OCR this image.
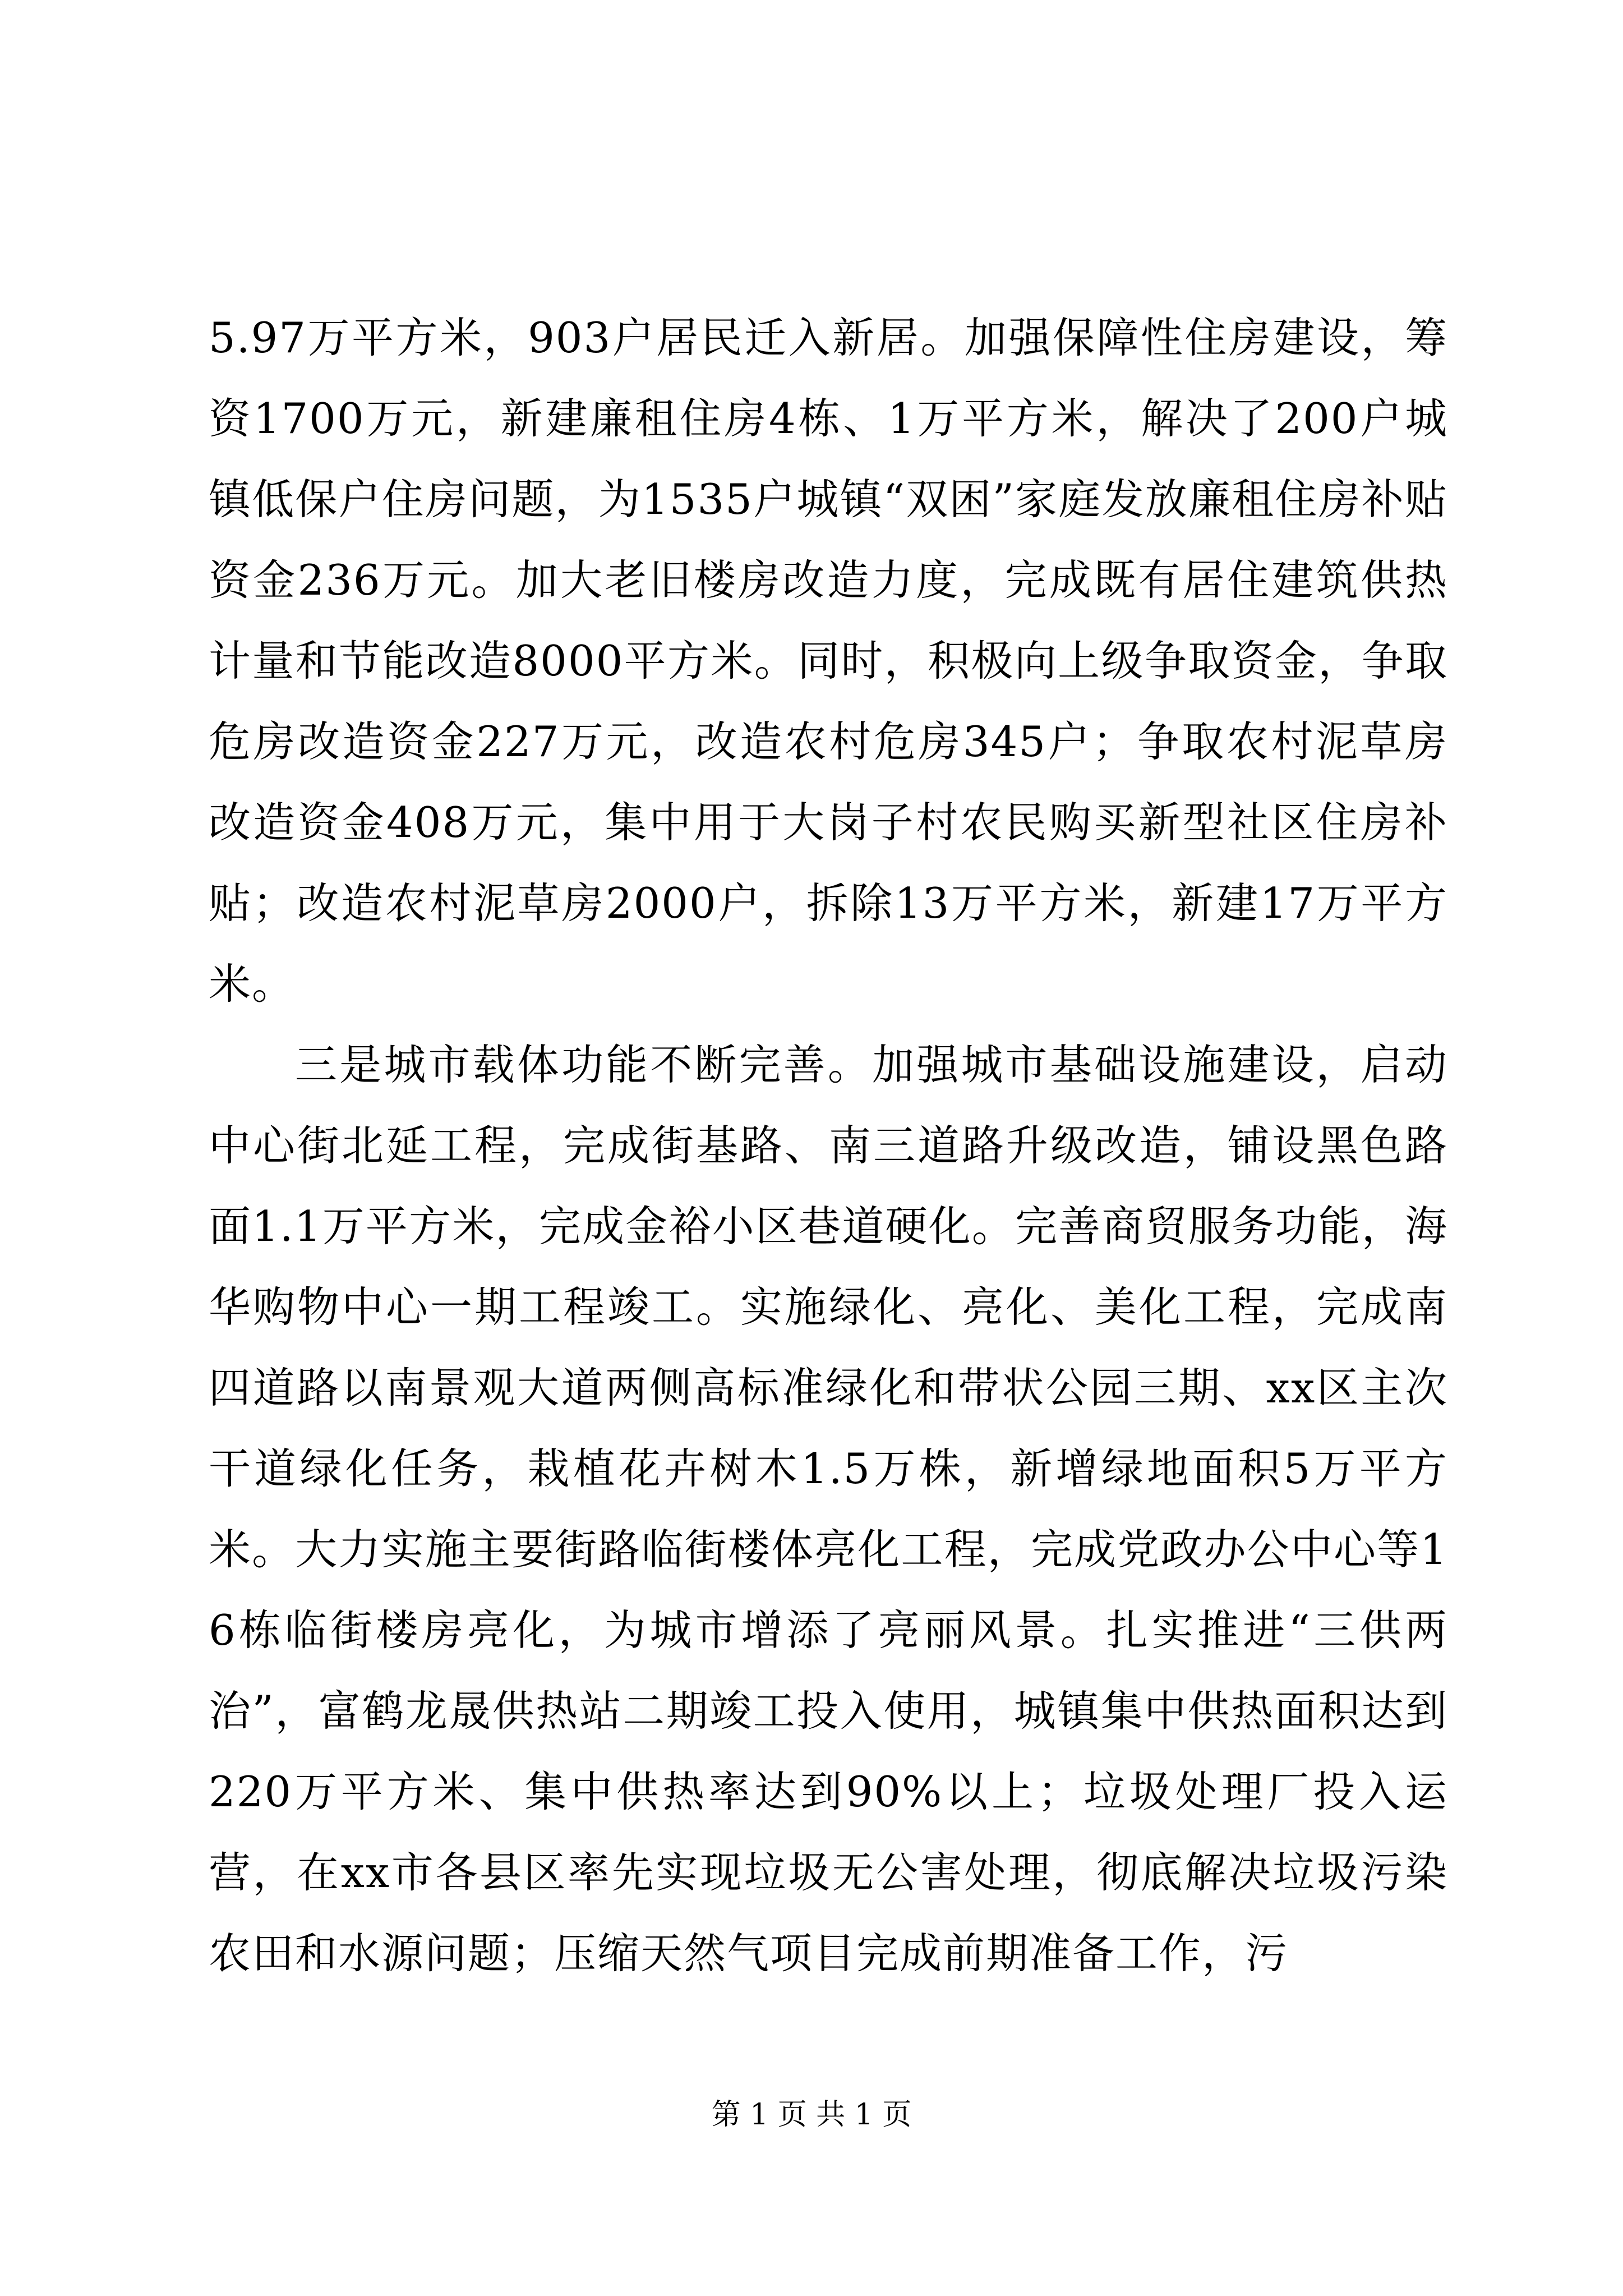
5.97万平方米，903户居民迁入新居。加强保障性住房建设，筹资1700万元，新建廉租住房4栋、1万平方米，解决了200户城镇低保户住房问题，为1535户城镇“双困”家庭发放廉租住房补贴资金236万元。加大老旧楼房改造力度，完成既有居住建筑供热计量和节能改造8000平方米。同时，积极向上级争取资金，争取危房改造资金227万元，改造农村危房345户；争取农村泥草房改造资金408万元，集中用于大岗子村农民购买新型社区住房补贴；改造农村泥草房2000户，拆除13万平方米，新建17万平方米。

三是城市载体功能不断完善。加强城市基础设施建设，启动中心街北延工程，完成街基路、南三道路升级改造，铺设黑色路面1.1万平方米，完成金裕小区巷道硬化。完善商贸服务功能，海华购物中心一期工程竣工。实施绿化、亮化、美化工程，完成南四道路以南景观大道两侧高标准绿化和带状公园三期、xx区主次干道绿化任务，栽植花卉树木1.5万株，新增绿地面积5万平方米。大力实施主要街路临街楼体亮化工程，完成党政办公中心等16栋临街楼房亮化，为城市增添了亮丽风景。扎实推进“三供两治”，富鹤龙晟供热站二期竣工投入使用，城镇集中供热面积达到220万平方米、集中供热率达到90%以上；垃圾处理厂投入运营，在xx市各县区率先实现垃圾无公害处理，彻底解决垃圾污染农田和水源问题；压缩天然气项目完成前期准备工作，污

第 1 页 共 1 页
